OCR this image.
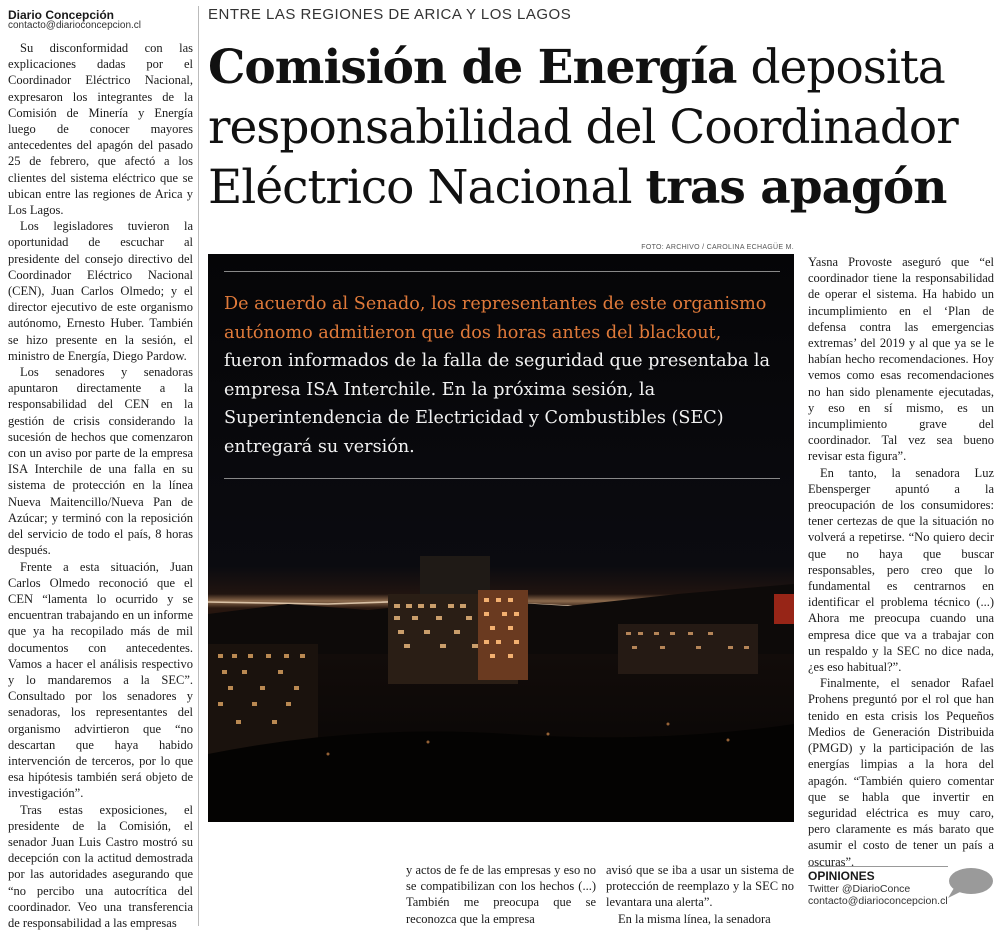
Diario Concepción
contacto@diarioconcepcion.cl
ENTRE LAS REGIONES DE ARICA Y LOS LAGOS
Comisión de Energía deposita responsabilidad del Coordinador Eléctrico Nacional tras apagón

Su disconformidad con las explicaciones dadas por el Coordinador Eléctrico Nacional, expresaron los integrantes de la Comisión de Minería y Energía luego de conocer mayores antecedentes del apagón del pasado 25 de febrero, que afectó a los clientes del sistema eléctrico que se ubican entre las regiones de Arica y Los Lagos.

Los legisladores tuvieron la oportunidad de escuchar al presidente del consejo directivo del Coordinador Eléctrico Nacional (CEN), Juan Carlos Olmedo; y el director ejecutivo de este organismo autónomo, Ernesto Huber. También se hizo presente en la sesión, el ministro de Energía, Diego Pardow.

Los senadores y senadoras apuntaron directamente a la responsabilidad del CEN en la gestión de crisis considerando la sucesión de hechos que comenzaron con un aviso por parte de la empresa ISA Interchile de una falla en su sistema de protección en la línea Nueva Maitencillo/Nueva Pan de Azúcar; y terminó con la reposición del servicio de todo el país, 8 horas después.

Frente a esta situación, Juan Carlos Olmedo reconoció que el CEN “lamenta lo ocurrido y se encuentran trabajando en un informe que ya ha recopilado más de mil documentos con antecedentes. Vamos a hacer el análisis respectivo y lo mandaremos a la SEC”. Consultado por los senadores y senadoras, los representantes del organismo advirtieron que “no descartan que haya habido intervención de terceros, por lo que esa hipótesis también será objeto de investigación”.

Tras estas exposiciones, el presidente de la Comisión, el senador Juan Luis Castro mostró su decepción con la actitud demostrada por las autoridades asegurando que “no percibo una autocrítica del coordinador. Veo una transferencia de responsabilidad a las empresas

FOTO: ARCHIVO / CAROLINA ECHAGÜE M.
De acuerdo al Senado, los representantes de este organismo autónomo admitieron que dos horas antes del blackout, fueron informados de la falla de seguridad que presentaba la empresa ISA Interchile. En la próxima sesión, la Superintendencia de Electricidad y Combustibles (SEC) entregará su versión.

y actos de fe de las empresas y eso no se compatibilizan con los hechos (...) También me preocupa que se reconozca que la empresa

avisó que se iba a usar un sistema de protección de reemplazo y la SEC no levantara una alerta”.

En la misma línea, la senadora

Yasna Provoste aseguró que “el coordinador tiene la responsabilidad de operar el sistema. Ha habido un incumplimiento en el ‘Plan de defensa contra las emergencias extremas’ del 2019 y al que ya se le habían hecho recomendaciones. Hoy vemos como esas recomendaciones no han sido plenamente ejecutadas, y eso en sí mismo, es un incumplimiento grave del coordinador. Tal vez sea bueno revisar esta figura”.

En tanto, la senadora Luz Ebensperger apuntó a la preocupación de los consumidores: tener certezas de que la situación no volverá a repetirse. “No quiero decir que no haya que buscar responsables, pero creo que lo fundamental es centrarnos en identificar el problema técnico (...) Ahora me preocupa cuando una empresa dice que va a trabajar con un respaldo y la SEC no dice nada, ¿es eso habitual?”.

Finalmente, el senador Rafael Prohens preguntó por el rol que han tenido en esta crisis los Pequeños Medios de Generación Distribuida (PMGD) y la participación de las energías limpias a la hora del apagón. “También quiero comentar que se habla que invertir en seguridad eléctrica es muy caro, pero claramente es más barato que asumir el costo de tener un país a oscuras”.

OPINIONES
Twitter @DiarioConce
contacto@diarioconcepcion.cl
